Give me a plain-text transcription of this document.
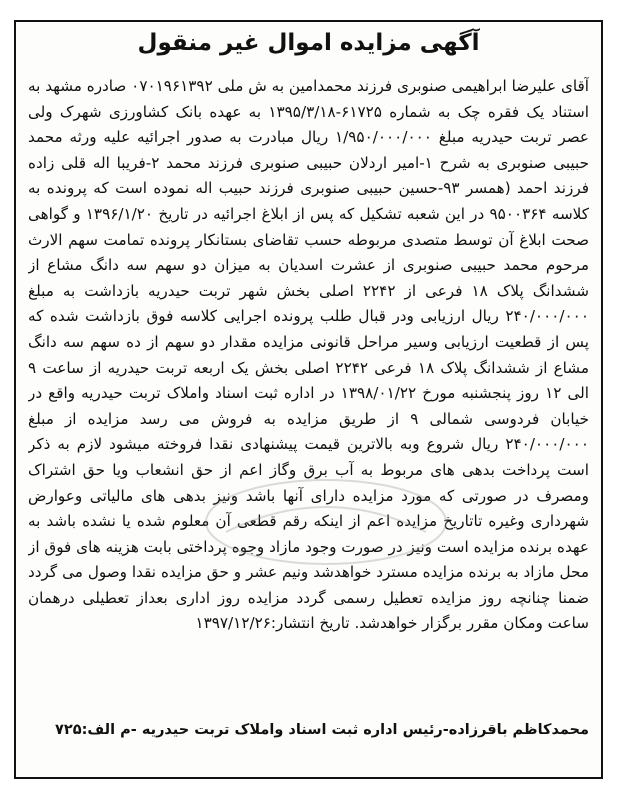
آگهی مزایده اموال غیر منقول
آقای علیرضا ابراهیمی صنوبری فرزند محمدامین به ش ملی ۰۷۰۱۹۶۱۳۹۲ صادره مشهد به استناد یک فقره چک به شماره ۶۱۷۲۵-۱۳۹۵/۳/۱۸ به عهده بانک کشاورزی شهرک ولی عصر تربت حیدریه مبلغ ۱/۹۵۰/۰۰۰/۰۰۰ ریال مبادرت به صدور اجرائیه علیه ورثه محمد حبیبی صنوبری به شرح ۱-امیر اردلان حبیبی صنوبری فرزند محمد ۲-فریبا اله قلی زاده فرزند احمد (همسر ۹۳-حسین حبیبی صنوبری فرزند حبیب اله نموده است که پرونده به کلاسه ۹۵۰۰۳۶۴ در این شعبه تشکیل که پس از ابلاغ اجرائیه در تاریخ ۱۳۹۶/۱/۲۰ و گواهی صحت ابلاغ آن توسط متصدی مربوطه حسب تقاضای بستانکار پرونده تمامت سهم الارث مرحوم محمد حبیبی صنوبری از عشرت اسدیان به میزان دو سهم سه دانگ مشاع از ششدانگ پلاک ۱۸ فرعی از ۲۲۴۲ اصلی بخش شهر تربت حیدریه بازداشت به مبلغ ۲۴۰/۰۰۰/۰۰۰ ریال ارزیابی ودر قبال طلب پرونده اجرایی کلاسه فوق بازداشت شده که پس از قطعیت ارزیابی وسیر مراحل قانونی مزایده مقدار دو سهم از ده سهم سه دانگ مشاع از ششدانگ پلاک ۱۸ فرعی ۲۲۴۲ اصلی بخش یک اربعه تربت حیدریه از ساعت ۹ الی ۱۲ روز پنجشنبه مورخ ۱۳۹۸/۰۱/۲۲ در اداره ثبت اسناد واملاک تربت حیدریه واقع در خیابان فردوسی شمالی ۹ از طریق مزایده به فروش می رسد مزایده از مبلغ ۲۴۰/۰۰۰/۰۰۰ ریال شروع وبه بالاترین قیمت پیشنهادی نقدا فروخته میشود لازم به ذکر است پرداخت بدهی های مربوط به آب برق وگاز اعم از حق انشعاب ویا حق اشتراک ومصرف در صورتی که مورد مزایده دارای آنها باشد ونیز بدهی های مالیاتی وعوارض شهرداری وغیره تاتاریخ مزایده اعم از اینکه رقم قطعی آن معلوم شده یا نشده باشد به عهده برنده مزایده است ونیز در صورت وجود مازاد وجوه پرداختی بابت هزینه های فوق از محل مازاد به برنده مزایده مسترد خواهدشد ونیم عشر و حق مزایده نقدا وصول می گردد ضمنا چنانچه روز مزایده تعطیل رسمی گردد مزایده روز اداری بعداز تعطیلی درهمان ساعت ومکان مقرر برگزار خواهدشد. تاریخ انتشار:۱۳۹۷/۱۲/۲۶
محمدکاظم باقرزاده-رئیس اداره ثبت اسناد واملاک تربت حیدریه -م الف:۷۲۵
